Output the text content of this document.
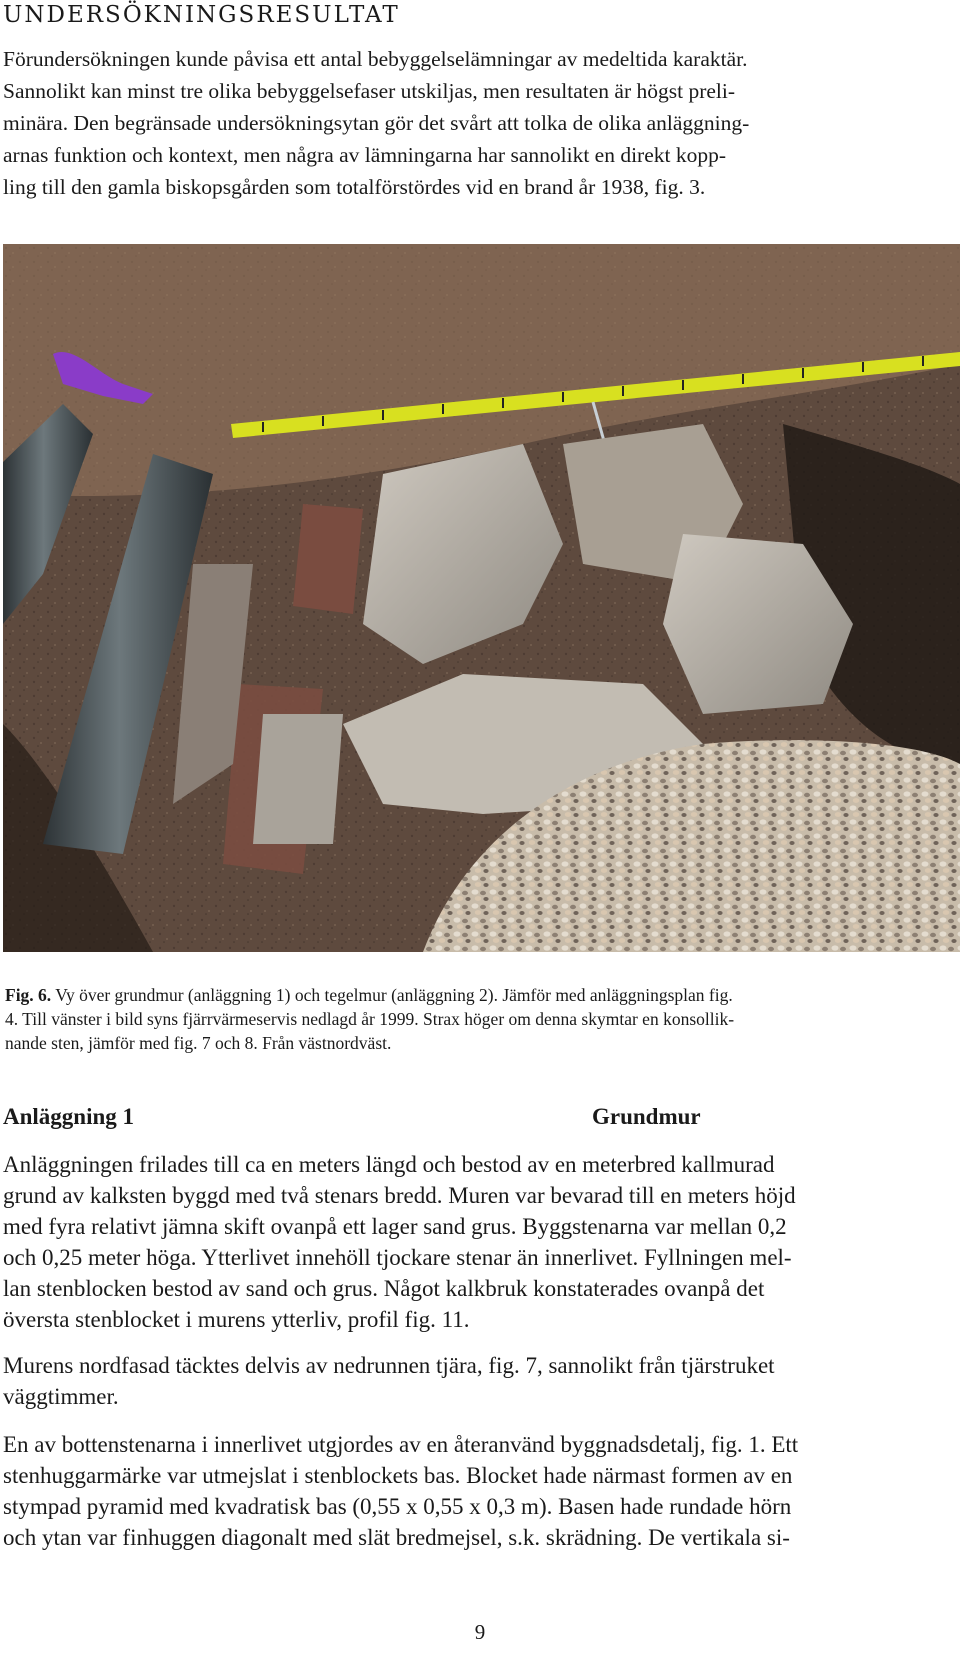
UNDERSÖKNINGSRESULTAT

Förundersökningen kunde påvisa ett antal bebyggelselämningar av medeltida karaktär.
Sannolikt kan minst tre olika bebyggelsefaser utskiljas, men resultaten är högst preli-
minära. Den begränsade undersökningsytan gör det svårt att tolka de olika anläggning-
arnas funktion och kontext, men några av lämningarna har sannolikt en direkt kopp-
ling till den gamla biskopsgården som totalförstördes vid en brand år 1938, fig. 3.

Fig. 6. Vy över grundmur (anläggning 1) och tegelmur (anläggning 2). Jämför med anläggningsplan fig.
4. Till vänster i bild syns fjärrvärmeservis nedlagd år 1999. Strax höger om denna skymtar en konsollik-
nande sten, jämför med fig. 7 och 8. Från västnordväst.

Anläggning 1	Grundmur

Anläggningen frilades till ca en meters längd och bestod av en meterbred kallmurad
grund av kalksten byggd med två stenars bredd. Muren var bevarad till en meters höjd
med fyra relativt jämna skift ovanpå ett lager sand grus. Byggstenarna var mellan 0,2
och 0,25 meter höga. Ytterlivet innehöll tjockare stenar än innerlivet. Fyllningen mel-
lan stenblocken bestod av sand och grus. Något kalkbruk konstaterades ovanpå det
översta stenblocket i murens ytterliv, profil fig. 11.

Murens nordfasad täcktes delvis av nedrunnen tjära, fig. 7, sannolikt från tjärstruket
väggtimmer.

En av bottenstenarna i innerlivet utgjordes av en återanvänd byggnadsdetalj, fig. 1. Ett
stenhuggarmärke var utmejslat i stenblockets bas. Blocket hade närmast formen av en
stympad pyramid med kvadratisk bas (0,55 x 0,55 x 0,3 m). Basen hade rundade hörn
och ytan var finhuggen diagonalt med slät bredmejsel, s.k. skrädning. De vertikala si-

9
